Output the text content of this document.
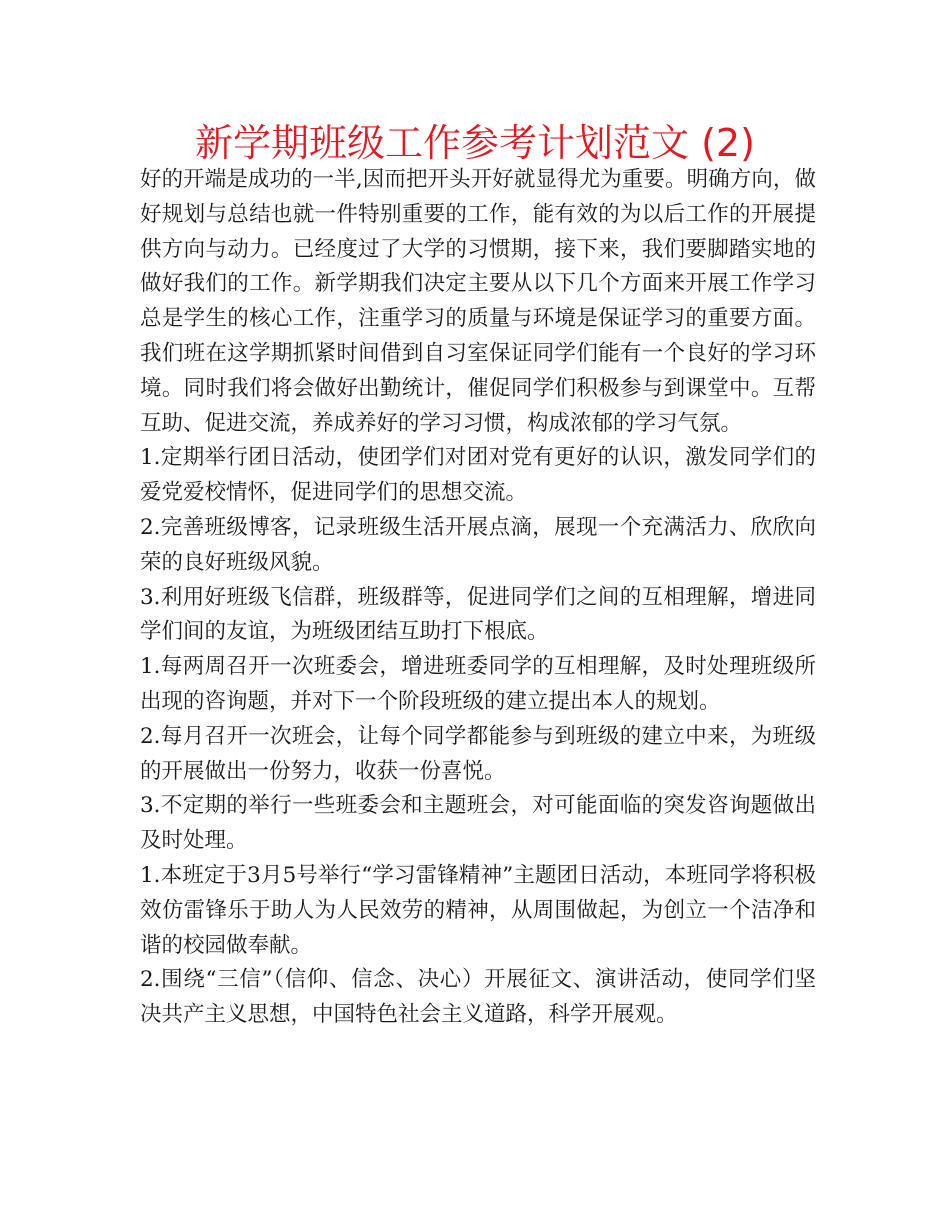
新学期班级工作参考计划范文 (2)

好的开端是成功的一半,因而把开头开好就显得尤为重要。明确方向，做好规划与总结也就一件特别重要的工作，能有效的为以后工作的开展提供方向与动力。已经度过了大学的习惯期，接下来，我们要脚踏实地的做好我们的工作。新学期我们决定主要从以下几个方面来开展工作学习总是学生的核心工作，注重学习的质量与环境是保证学习的重要方面。我们班在这学期抓紧时间借到自习室保证同学们能有一个良好的学习环境。同时我们将会做好出勤统计，催促同学们积极参与到课堂中。互帮互助、促进交流，养成养好的学习习惯，构成浓郁的学习气氛。

1.定期举行团日活动，使团学们对团对党有更好的认识，激发同学们的爱党爱校情怀，促进同学们的思想交流。

2.完善班级博客，记录班级生活开展点滴，展现一个充满活力、欣欣向荣的良好班级风貌。

3.利用好班级飞信群，班级群等，促进同学们之间的互相理解，增进同学们间的友谊，为班级团结互助打下根底。

1.每两周召开一次班委会，增进班委同学的互相理解，及时处理班级所出现的咨询题，并对下一个阶段班级的建立提出本人的规划。

2.每月召开一次班会，让每个同学都能参与到班级的建立中来，为班级的开展做出一份努力，收获一份喜悦。

3.不定期的举行一些班委会和主题班会，对可能面临的突发咨询题做出及时处理。

1.本班定于3月5号举行“学习雷锋精神”主题团日活动，本班同学将积极效仿雷锋乐于助人为人民效劳的精神，从周围做起，为创立一个洁净和谐的校园做奉献。

2.围绕“三信”（信仰、信念、决心）开展征文、演讲活动，使同学们坚决共产主义思想，中国特色社会主义道路，科学开展观。
